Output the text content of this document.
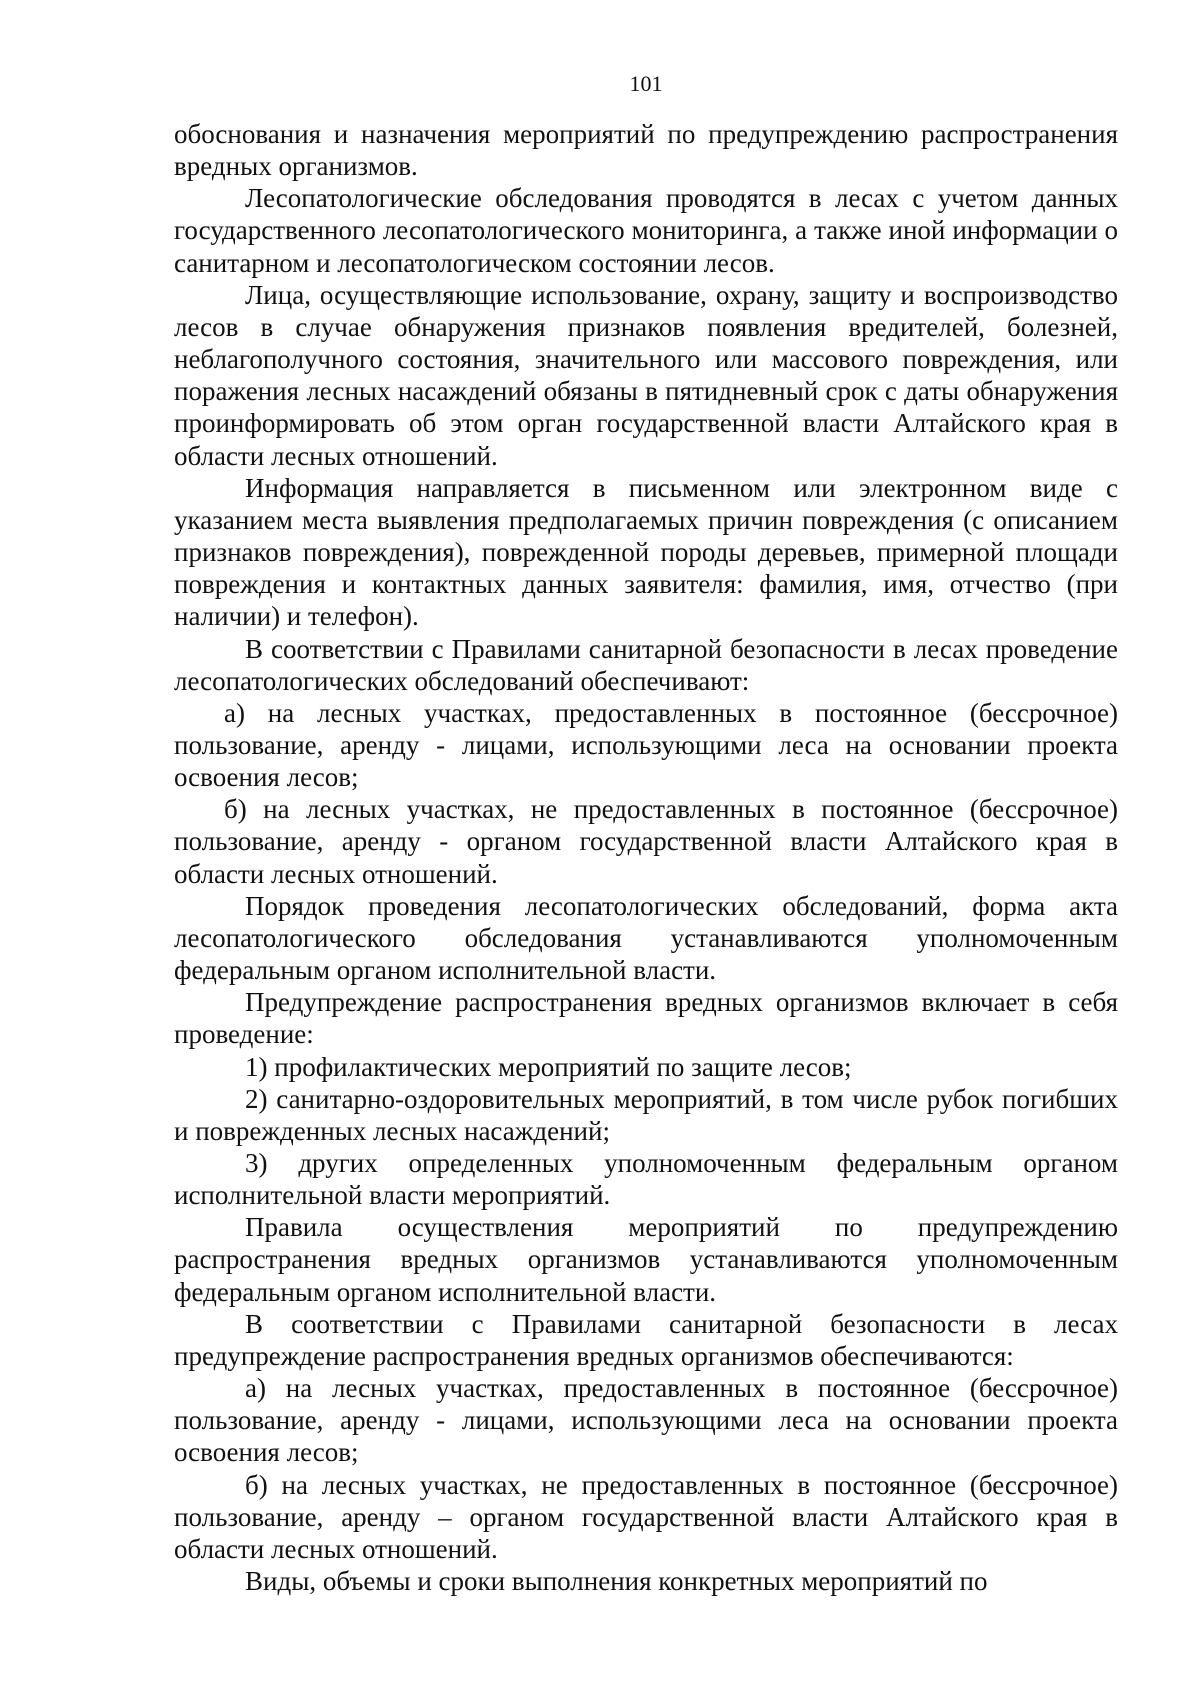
101

обоснования и назначения мероприятий по предупреждению распространения вредных организмов.

Лесопатологические обследования проводятся в лесах с учетом данных государственного лесопатологического мониторинга, а также иной информации о санитарном и лесопатологическом состоянии лесов.

Лица, осуществляющие использование, охрану, защиту и воспроизводство лесов в случае обнаружения признаков появления вредителей, болезней, неблагополучного состояния, значительного или массового повреждения, или поражения лесных насаждений обязаны в пятидневный срок с даты обнаружения проинформировать об этом орган государственной власти Алтайского края в области лесных отношений.

Информация направляется в письменном или электронном виде с указанием места выявления предполагаемых причин повреждения (с описанием признаков повреждения), поврежденной породы деревьев, примерной площади повреждения и контактных данных заявителя: фамилия, имя, отчество (при наличии) и телефон).

В соответствии с Правилами санитарной безопасности в лесах проведение лесопатологических обследований обеспечивают:

а) на лесных участках, предоставленных в постоянное (бессрочное) пользование, аренду - лицами, использующими леса на основании проекта освоения лесов;

б) на лесных участках, не предоставленных в постоянное (бессрочное) пользование, аренду - органом государственной власти Алтайского края в области лесных отношений.

Порядок проведения лесопатологических обследований, форма акта лесопатологического обследования устанавливаются уполномоченным федеральным органом исполнительной власти.

Предупреждение распространения вредных организмов включает в себя проведение:

1) профилактических мероприятий по защите лесов;

2) санитарно-оздоровительных мероприятий, в том числе рубок погибших и поврежденных лесных насаждений;

3) других определенных уполномоченным федеральным органом исполнительной власти мероприятий.

Правила осуществления мероприятий по предупреждению распространения вредных организмов устанавливаются уполномоченным федеральным органом исполнительной власти.

В соответствии с Правилами санитарной безопасности в лесах предупреждение распространения вредных организмов обеспечиваются:

а) на лесных участках, предоставленных в постоянное (бессрочное) пользование, аренду - лицами, использующими леса на основании проекта освоения лесов;

б) на лесных участках, не предоставленных в постоянное (бессрочное) пользование, аренду – органом государственной власти Алтайского края в области лесных отношений.

Виды, объемы и сроки выполнения конкретных мероприятий по
